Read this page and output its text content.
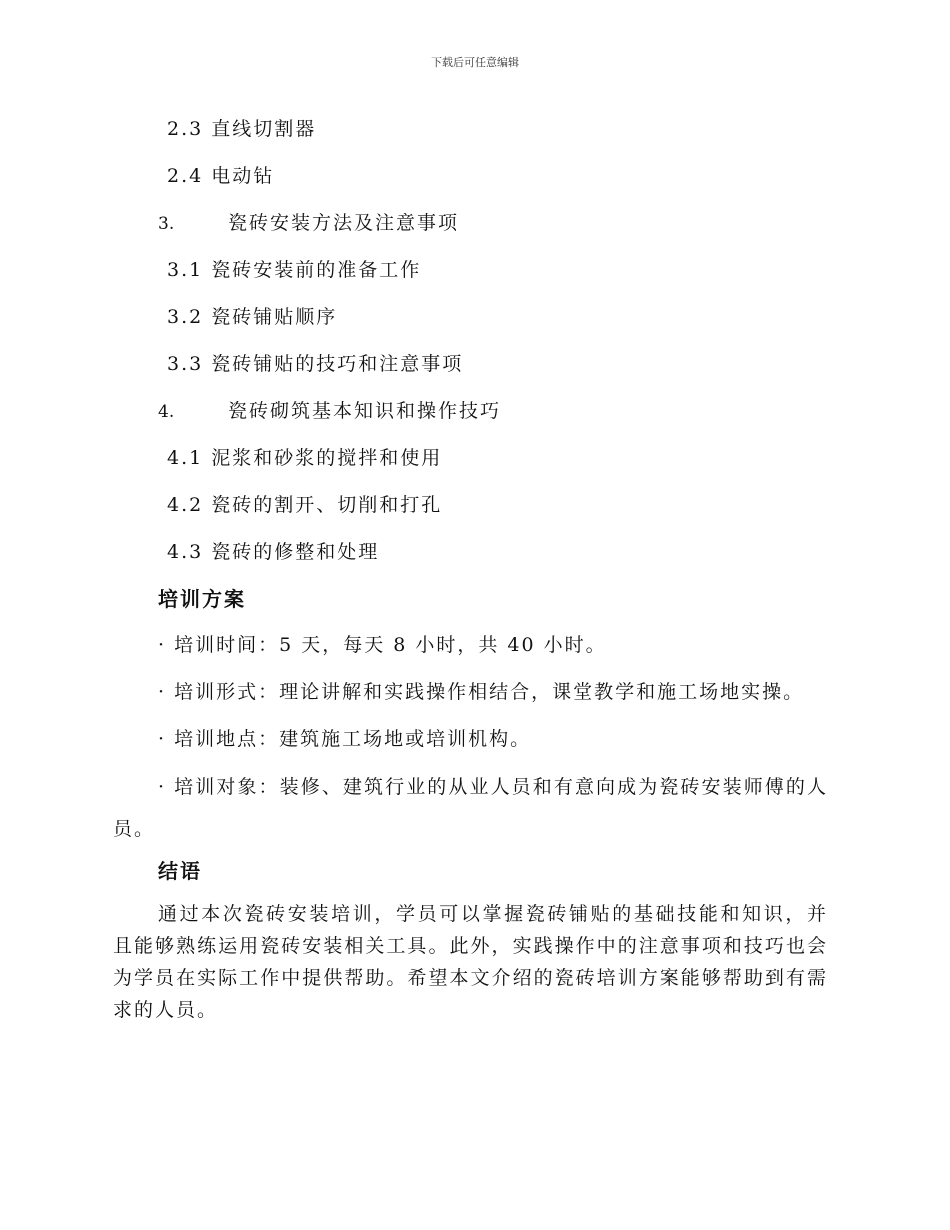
下载后可任意编辑
2.3 直线切割器
2.4 电动钻
3.	瓷砖安装方法及注意事项
3.1 瓷砖安装前的准备工作
3.2 瓷砖铺贴顺序
3.3 瓷砖铺贴的技巧和注意事项
4.	瓷砖砌筑基本知识和操作技巧
4.1 泥浆和砂浆的搅拌和使用
4.2 瓷砖的割开、切削和打孔
4.3 瓷砖的修整和处理
培训方案
· 培训时间：5 天，每天 8 小时，共 40 小时。
· 培训形式：理论讲解和实践操作相结合，课堂教学和施工场地实操。
· 培训地点：建筑施工场地或培训机构。
· 培训对象：装修、建筑行业的从业人员和有意向成为瓷砖安装师傅的人员。
结语
通过本次瓷砖安装培训，学员可以掌握瓷砖铺贴的基础技能和知识，并且能够熟练运用瓷砖安装相关工具。此外，实践操作中的注意事项和技巧也会为学员在实际工作中提供帮助。希望本文介绍的瓷砖培训方案能够帮助到有需求的人员。
